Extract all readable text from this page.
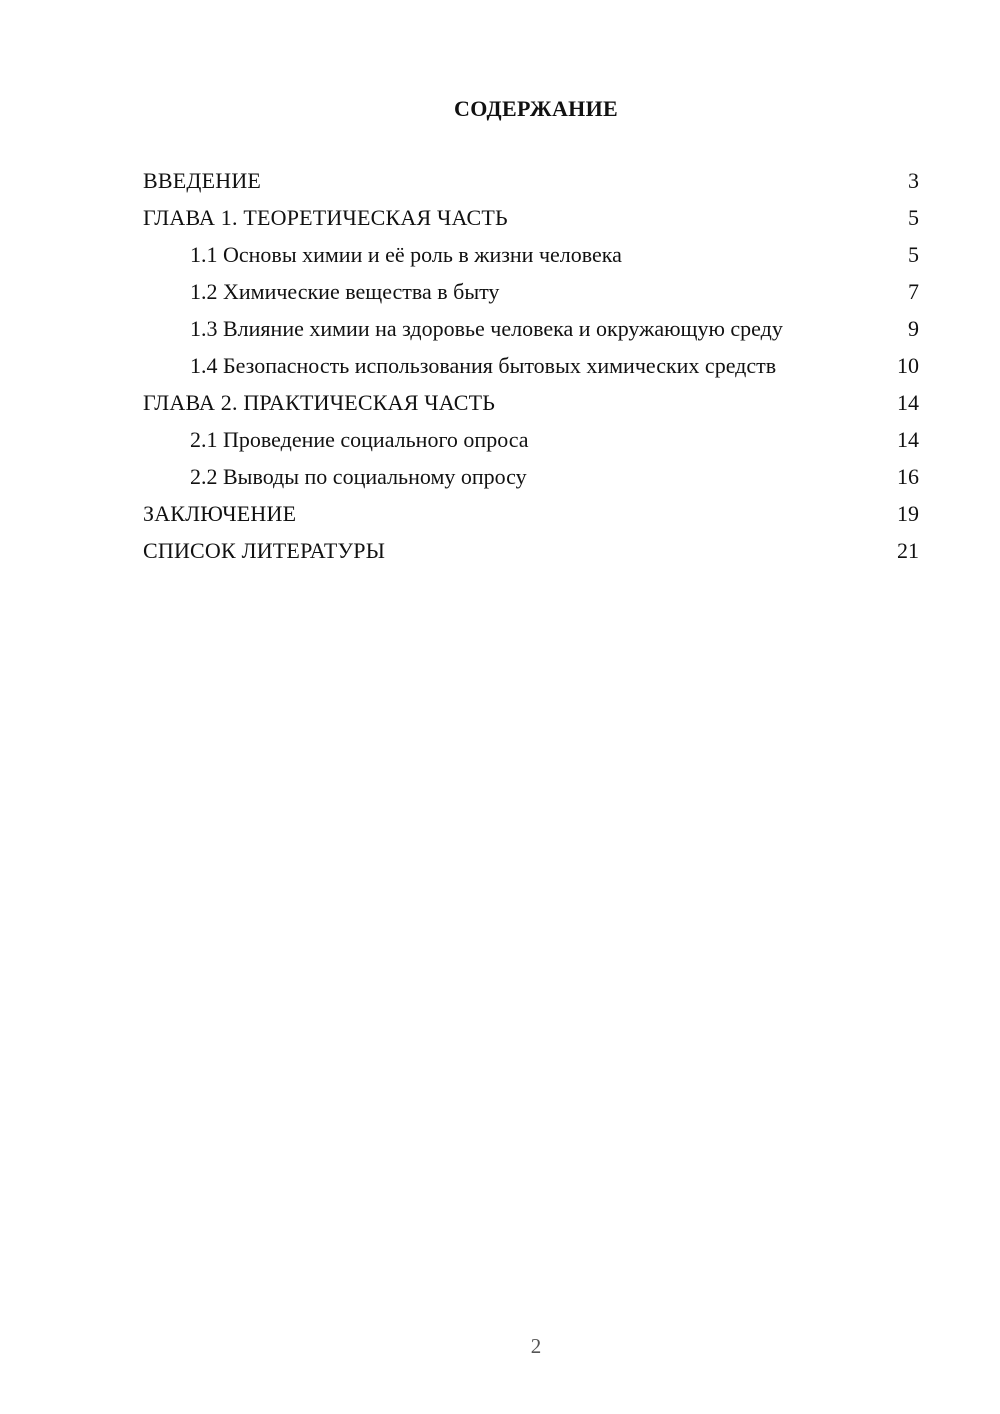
СОДЕРЖАНИЕ
ВВЕДЕНИЕ	3
ГЛАВА 1. ТЕОРЕТИЧЕСКАЯ ЧАСТЬ	5
1.1 Основы химии и её роль в жизни человека	5
1.2 Химические вещества в быту	7
1.3 Влияние химии на здоровье человека и окружающую среду	9
1.4 Безопасность использования бытовых химических средств	10
ГЛАВА 2. ПРАКТИЧЕСКАЯ ЧАСТЬ	14
2.1 Проведение социального опроса	14
2.2 Выводы по социальному опросу	16
ЗАКЛЮЧЕНИЕ	19
СПИСОК ЛИТЕРАТУРЫ	21
2
